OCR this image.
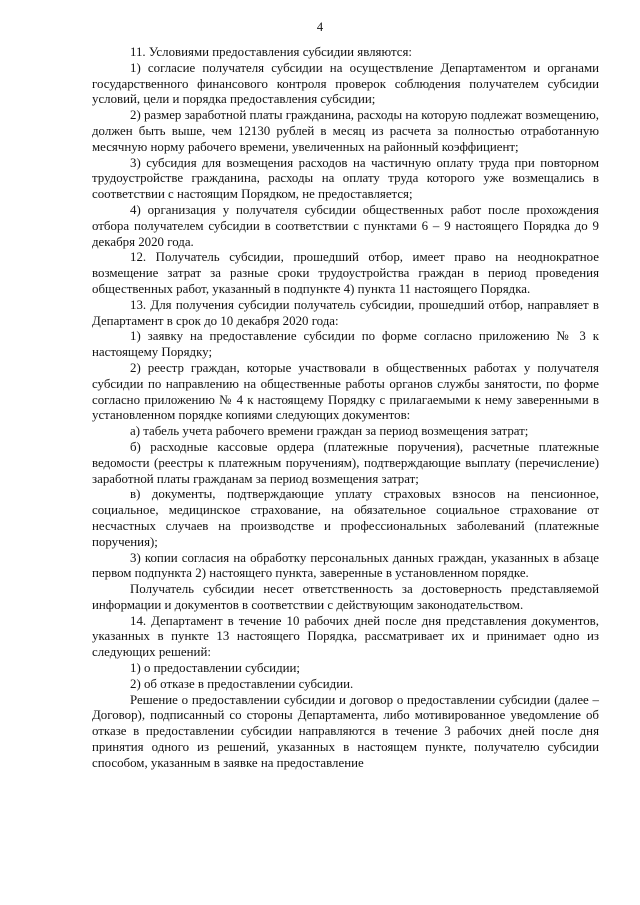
4

11. Условиями предоставления субсидии являются:

1) согласие получателя субсидии на осуществление Департаментом и органами государственного финансового контроля проверок соблюдения получателем субсидии условий, цели и порядка предоставления субсидии;

2) размер заработной платы гражданина, расходы на которую подлежат возмещению, должен быть выше, чем 12130 рублей в месяц из расчета за полностью отработанную месячную норму рабочего времени, увеличенных на районный коэффициент;

3) субсидия для возмещения расходов на частичную оплату труда при повторном трудоустройстве гражданина, расходы на оплату труда которого уже возмещались в соответствии с настоящим Порядком, не предоставляется;

4) организация у получателя субсидии общественных работ после прохождения отбора получателем субсидии в соответствии с пунктами 6 – 9 настоящего Порядка до 9 декабря 2020 года.

12. Получатель субсидии, прошедший отбор, имеет право на неоднократное возмещение затрат за разные сроки трудоустройства граждан в период проведения общественных работ, указанный в подпункте 4) пункта 11 настоящего Порядка.

13. Для получения субсидии получатель субсидии, прошедший отбор, направляет в Департамент в срок до 10 декабря 2020 года:

1) заявку на предоставление субсидии по форме согласно приложению № 3 к настоящему Порядку;

2) реестр граждан, которые участвовали в общественных работах у получателя субсидии по направлению на общественные работы органов службы занятости, по форме согласно приложению № 4 к настоящему Порядку с прилагаемыми к нему заверенными в установленном порядке копиями следующих документов:

а) табель учета рабочего времени граждан за период возмещения затрат;

б) расходные кассовые ордера (платежные поручения), расчетные платежные ведомости (реестры к платежным поручениям), подтверждающие выплату (перечисление) заработной платы гражданам за период возмещения затрат;

в) документы, подтверждающие уплату страховых взносов на пенсионное, социальное, медицинское страхование, на обязательное социальное страхование от несчастных случаев на производстве и профессиональных заболеваний (платежные поручения);

3) копии согласия на обработку персональных данных граждан, указанных в абзаце первом подпункта 2) настоящего пункта, заверенные в установленном порядке.

Получатель субсидии несет ответственность за достоверность представляемой информации и документов в соответствии с действующим законодательством.

14. Департамент в течение 10 рабочих дней после дня представления документов, указанных в пункте 13 настоящего Порядка, рассматривает их и принимает одно из следующих решений:

1) о предоставлении субсидии;

2) об отказе в предоставлении субсидии.

Решение о предоставлении субсидии и договор о предоставлении субсидии (далее – Договор), подписанный со стороны Департамента, либо мотивированное уведомление об отказе в предоставлении субсидии направляются в течение 3 рабочих дней после дня принятия одного из решений, указанных в настоящем пункте, получателю субсидии способом, указанным в заявке на предоставление
